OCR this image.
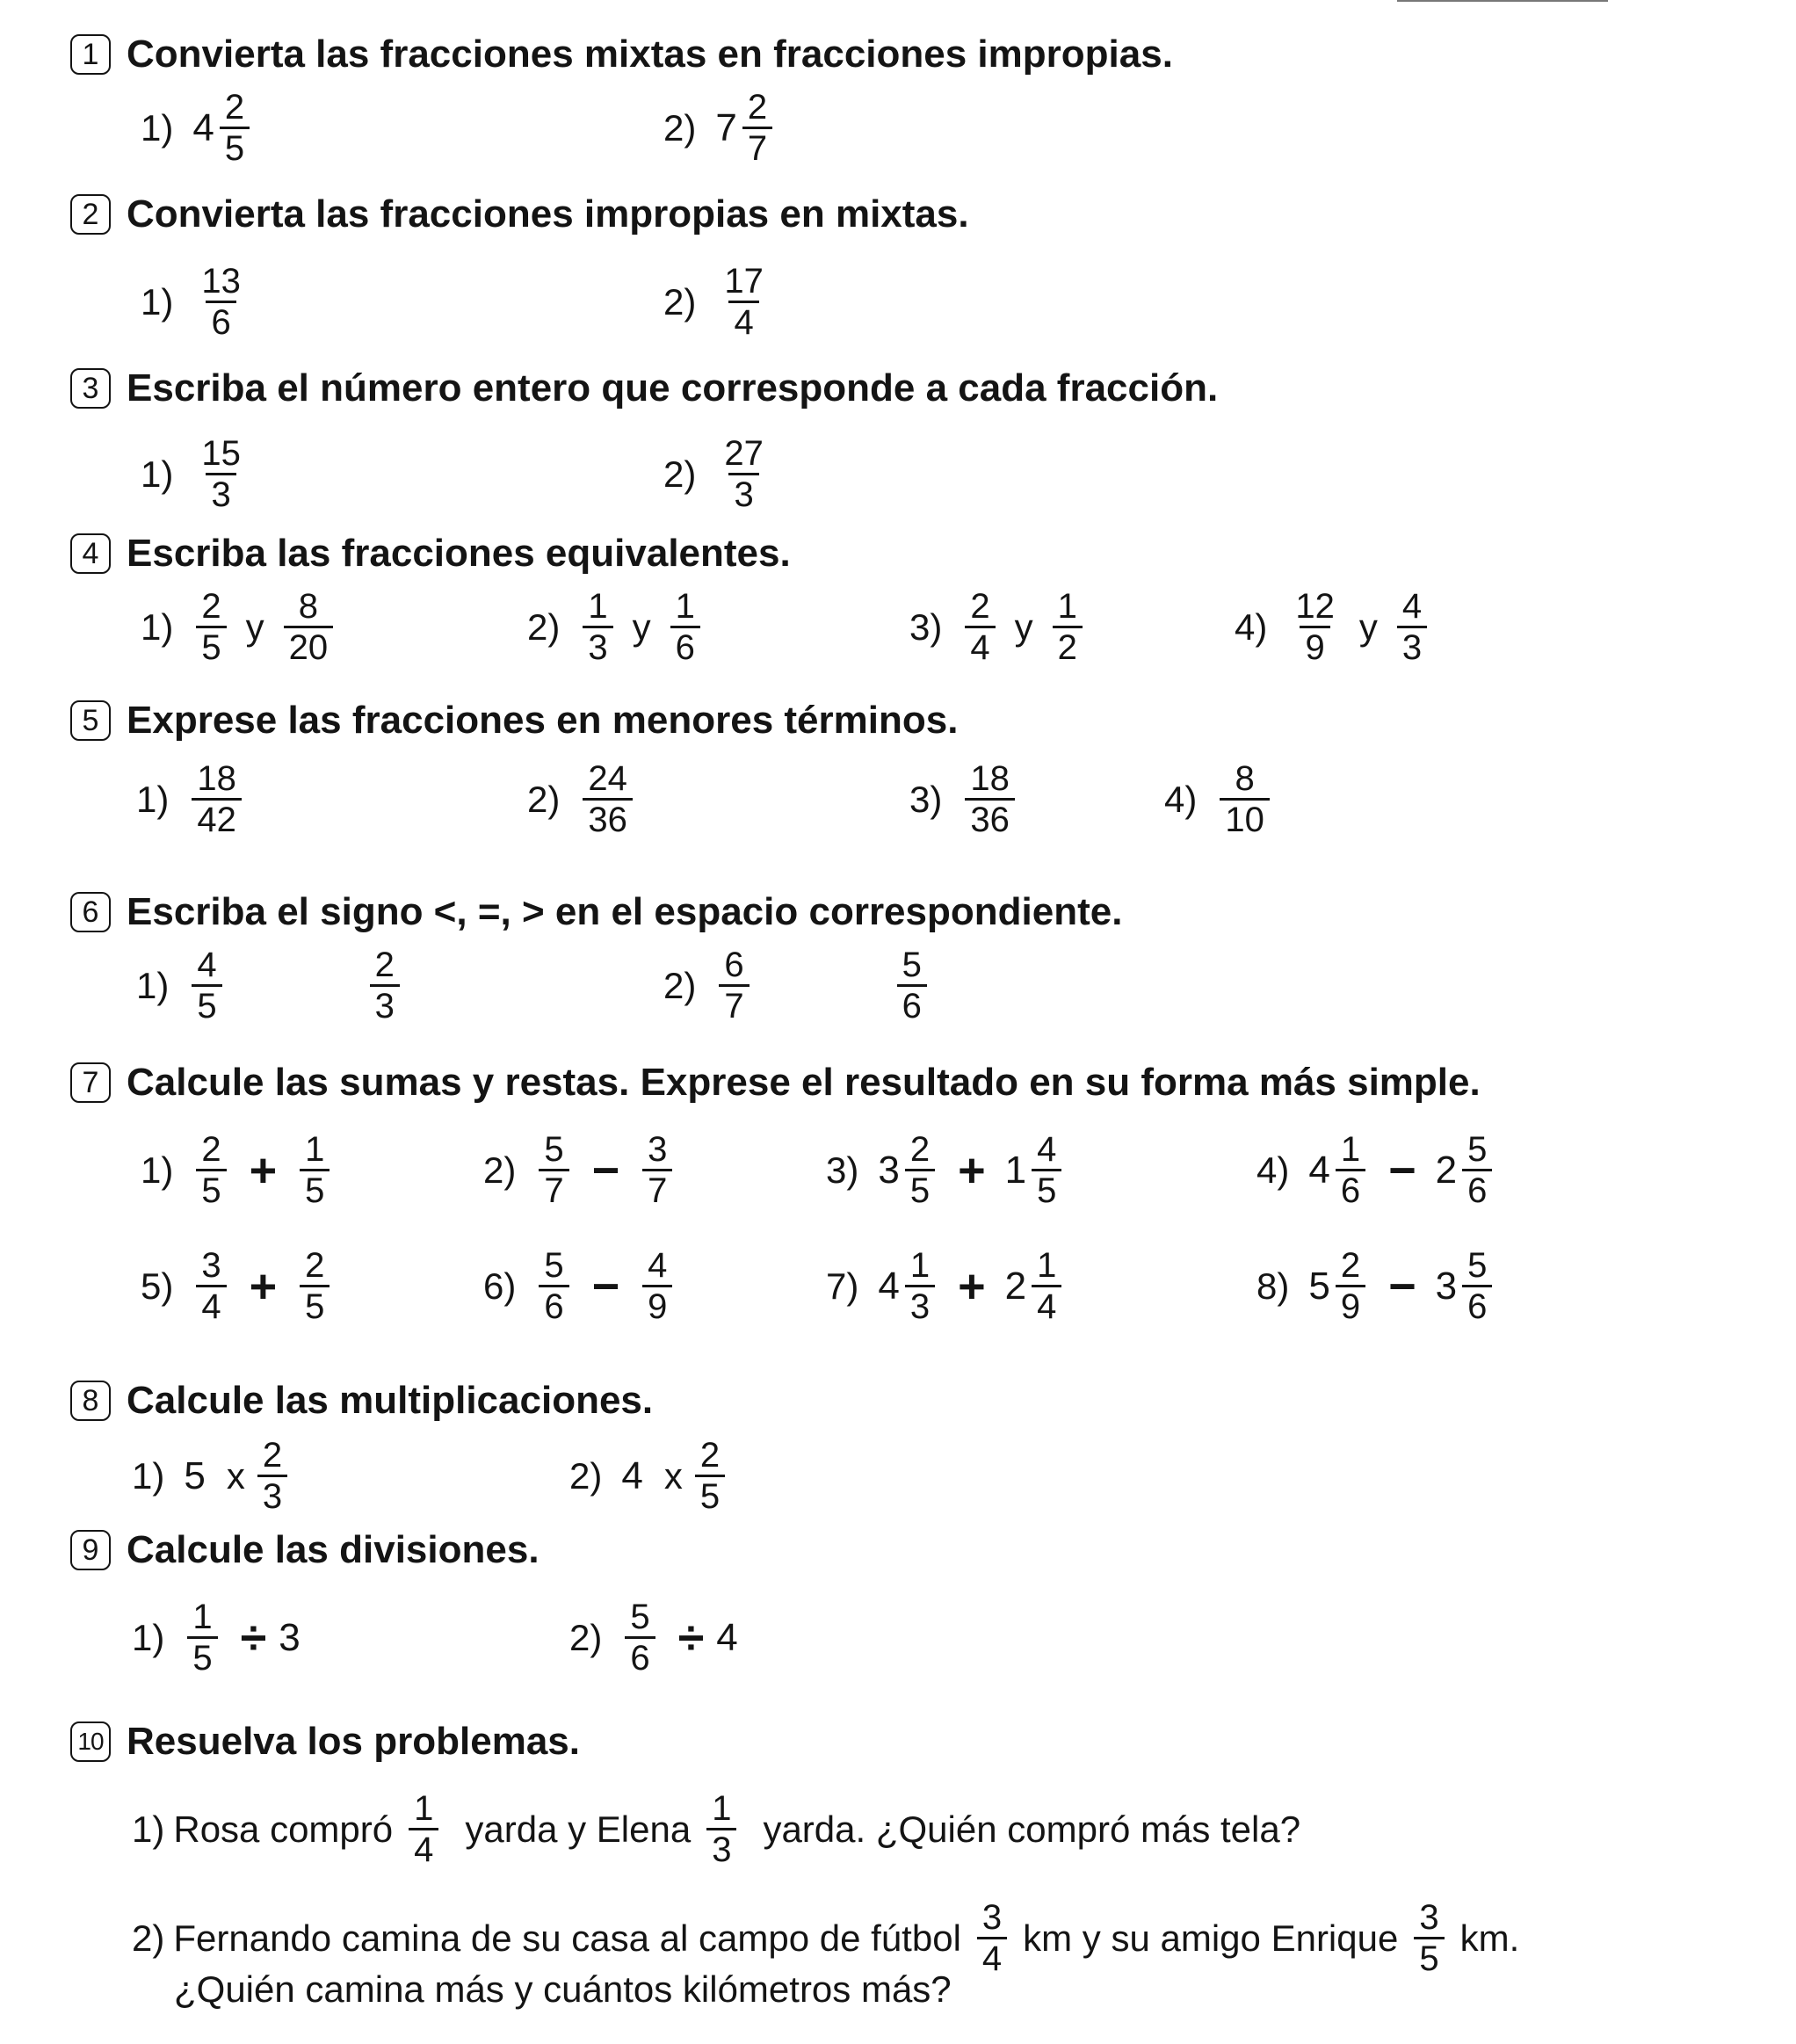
1 Convierta las fracciones mixtas en fracciones impropias.
1) $4 \frac{2}{5}$	2) $7 \frac{2}{7}$
2 Convierta las fracciones impropias en mixtas.
$1) \frac{13}{6}$	$2) \frac{17}{4}$
3 Escriba el número entero que corresponde a cada fracción.
$1) \frac{15}{3}$	$2) \frac{27}{3}$
4 Escriba las fracciones equivalentes.
$1) \frac{2}{5}$ y $\frac{8}{20}$	$2) \frac{1}{3}$ y $\frac{1}{6}$	$3) \frac{2}{4}$ y $\frac{1}{2}$	$4) \frac{12}{9}$ y $\frac{4}{3}$
5 Exprese las fracciones en menores términos.
$1) \frac{18}{42}$	$2) \frac{24}{36}$	$3) \frac{18}{36}$	$4) \frac{8}{10}$
6 Escriba el signo <, =, > en el espacio correspondiente.
$1) \frac{4}{5}$	$\frac{2}{3}$	$2) \frac{6}{7}$	$\frac{5}{6}$
7 Calcule las sumas y restas. Exprese el resultado en su forma más simple.
$1) \frac{2}{5} + \frac{1}{5}$	$2) \frac{5}{7} - \frac{3}{7}$	3) $3 \frac{2}{5} + 1 \frac{4}{5}$	4) $4 \frac{1}{6} - 2 \frac{5}{6}$
$5) \frac{3}{4} + \frac{2}{5}$	$6) \frac{5}{6} - \frac{4}{9}$	7) $4 \frac{1}{3} + 2 \frac{1}{4}$	8) $5 \frac{2}{9} - 3 \frac{5}{6}$
8 Calcule las multiplicaciones.
1) 5 x $\frac{2}{3}$	2) 4 x $\frac{2}{5}$
9 Calcule las divisiones.
$1) \frac{1}{5} \div 3$	$2) \frac{5}{6} \div 4$
10 Resuelva los problemas.
1) Rosa compró $\frac{1}{4}$ yarda y Elena $\frac{1}{3}$ yarda. ¿Quién compró más tela?
2) Fernando camina de su casa al campo de fútbol $\frac{3}{4}$ km y su amigo Enrique $\frac{3}{5}$ km.
¿Quién camina más y cuántos kilómetros más?
